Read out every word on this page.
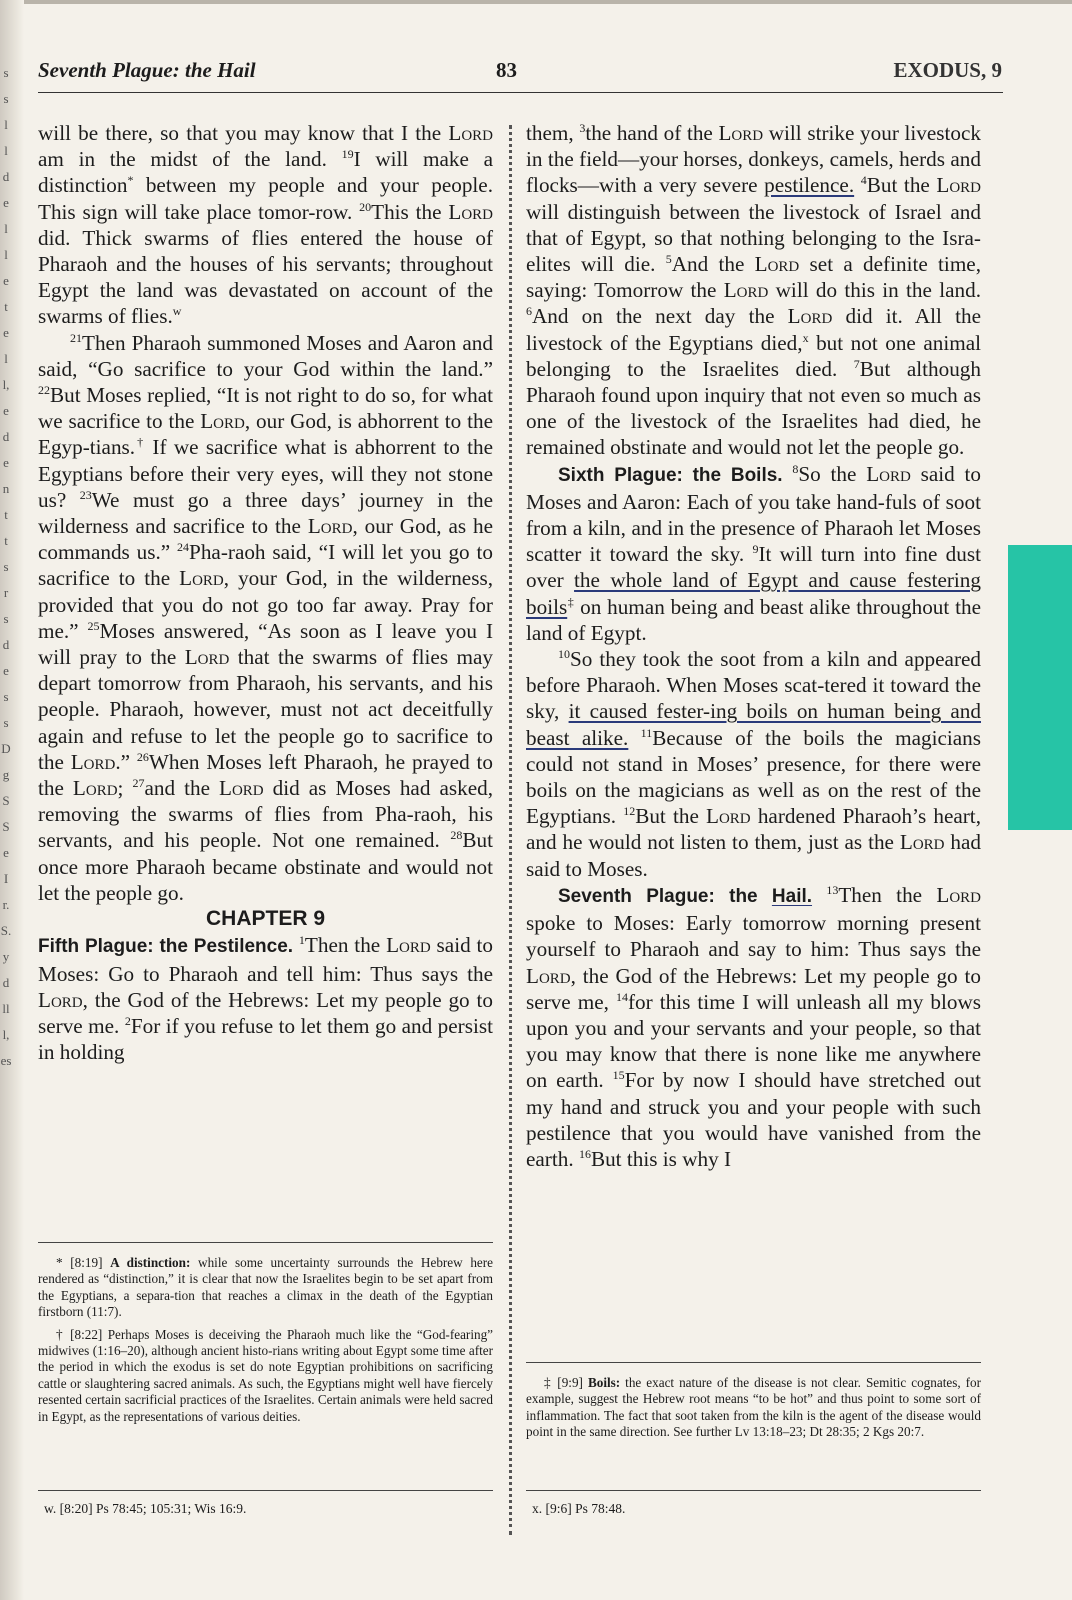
s
s
l
l
d
e
l
l
e
t
e
l
l,
e
d
e
n
t
t
s
r
s
d
e
s
s
D
g
S
S
e
I
r.
S.
y
d
ll
l,
es
Seventh Plague: the Hail	83	EXODUS, 9

will be there, so that you may know that I the Lord am in the midst of the land. $^{19}$I will make a distinction* between my people and your people. This sign will take place tomor-row. $^{20}$This the Lord did. Thick swarms of flies entered the house of Pharaoh and the houses of his servants; throughout Egypt the land was devastated on account of the swarms of flies.$^w$

$^{21}$Then Pharaoh summoned Moses and Aaron and said, “Go sacrifice to your God within the land.” $^{22}$But Moses replied, “It is not right to do so, for what we sacrifice to the Lord, our God, is abhorrent to the Egyp-tians.† If we sacrifice what is abhorrent to the Egyptians before their very eyes, will they not stone us? $^{23}$We must go a three days’ journey in the wilderness and sacrifice to the Lord, our God, as he commands us.” $^{24}$Pha-raoh said, “I will let you go to sacrifice to the Lord, your God, in the wilderness, provided that you do not go too far away. Pray for me.” $^{25}$Moses answered, “As soon as I leave you I will pray to the Lord that the swarms of flies may depart tomorrow from Pharaoh, his servants, and his people. Pharaoh, however, must not act deceitfully again and refuse to let the people go to sacrifice to the Lord.” $^{26}$When Moses left Pharaoh, he prayed to the Lord; $^{27}$and the Lord did as Moses had asked, removing the swarms of flies from Pha-raoh, his servants, and his people. Not one remained. $^{28}$But once more Pharaoh became obstinate and would not let the people go.

CHAPTER 9

Fifth Plague: the Pestilence. $^1$Then the Lord said to Moses: Go to Pharaoh and tell him: Thus says the Lord, the God of the Hebrews: Let my people go to serve me. $^2$For if you refuse to let them go and persist in holding

them, $^3$the hand of the Lord will strike your livestock in the field—your horses, donkeys, camels, herds and flocks—with a very severe pestilence. $^4$But the Lord will distinguish between the livestock of Israel and that of Egypt, so that nothing belonging to the Isra-elites will die. $^5$And the Lord set a definite time, saying: Tomorrow the Lord will do this in the land. $^6$And on the next day the Lord did it. All the livestock of the Egyptians died,$^x$ but not one animal belonging to the Israelites died. $^7$But although Pharaoh found upon inquiry that not even so much as one of the livestock of the Israelites had died, he remained obstinate and would not let the people go.

Sixth Plague: the Boils. $^8$So the Lord said to Moses and Aaron: Each of you take hand-fuls of soot from a kiln, and in the presence of Pharaoh let Moses scatter it toward the sky. $^9$It will turn into fine dust over the whole land of Egypt and cause festering boils‡ on human being and beast alike throughout the land of Egypt.

$^{10}$So they took the soot from a kiln and appeared before Pharaoh. When Moses scat-tered it toward the sky, it caused fester-ing boils on human being and beast alike. $^{11}$Because of the boils the magicians could not stand in Moses’ presence, for there were boils on the magicians as well as on the rest of the Egyptians. $^{12}$But the Lord hardened Pharaoh’s heart, and he would not listen to them, just as the Lord had said to Moses.

Seventh Plague: the Hail. $^{13}$Then the Lord spoke to Moses: Early tomorrow morning present yourself to Pharaoh and say to him: Thus says the Lord, the God of the Hebrews: Let my people go to serve me, $^{14}$for this time I will unleash all my blows upon you and your servants and your people, so that you may know that there is none like me anywhere on earth. $^{15}$For by now I should have stretched out my hand and struck you and your people with such pestilence that you would have vanished from the earth. $^{16}$But this is why I

* [8:19] A distinction: while some uncertainty surrounds the Hebrew here rendered as “distinction,” it is clear that now the Israelites begin to be set apart from the Egyptians, a separa-tion that reaches a climax in the death of the Egyptian firstborn (11:7).

† [8:22] Perhaps Moses is deceiving the Pharaoh much like the “God-fearing” midwives (1:16–20), although ancient histo-rians writing about Egypt some time after the period in which the exodus is set do note Egyptian prohibitions on sacrificing cattle or slaughtering sacred animals. As such, the Egyptians might well have fiercely resented certain sacrificial practices of the Israelites. Certain animals were held sacred in Egypt, as the representations of various deities.

‡ [9:9] Boils: the exact nature of the disease is not clear. Semitic cognates, for example, suggest the Hebrew root means “to be hot” and thus point to some sort of inflammation. The fact that soot taken from the kiln is the agent of the disease would point in the same direction. See further Lv 13:18–23; Dt 28:35; 2 Kgs 20:7.

w. [8:20] Ps 78:45; 105:31; Wis 16:9.	x. [9:6] Ps 78:48.
